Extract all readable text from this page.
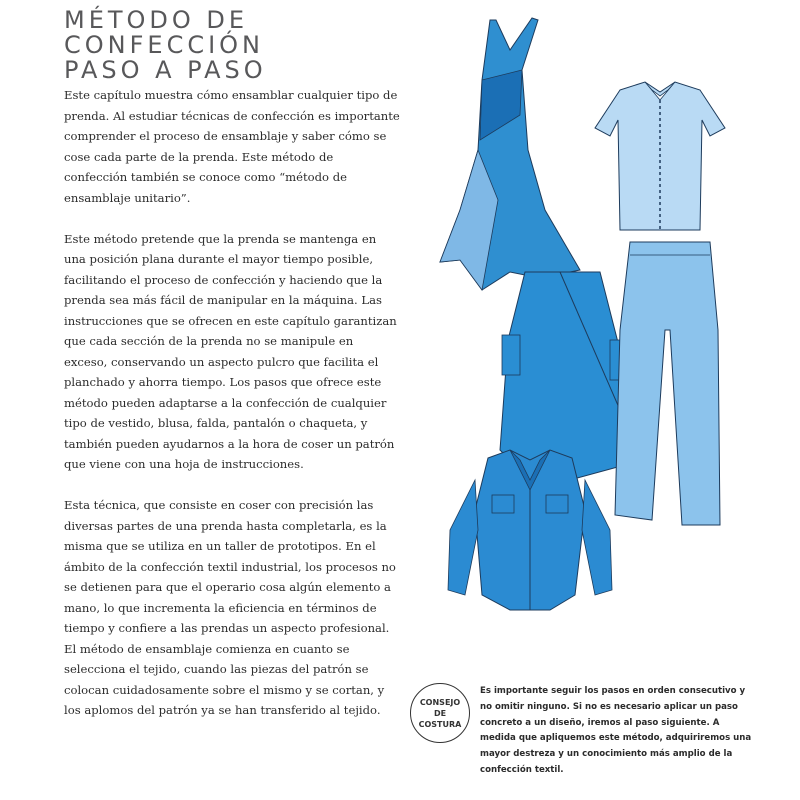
MÉTODO DE
CONFECCIÓN
PASO A PASO

Este capítulo muestra cómo ensamblar cualquier tipo de prenda. Al estudiar técnicas de confección es importante comprender el proceso de ensamblaje y saber cómo se cose cada parte de la prenda. Este método de confección también se conoce como “método de ensamblaje unitario”.

Este método pretende que la prenda se mantenga en una posición plana durante el mayor tiempo posible, facilitando el proceso de confección y haciendo que la prenda sea más fácil de manipular en la máquina. Las instrucciones que se ofrecen en este capítulo garantizan que cada sección de la prenda no se manipule en exceso, conservando un aspecto pulcro que facilita el planchado y ahorra tiempo. Los pasos que ofrece este método pueden adaptarse a la confección de cualquier tipo de vestido, blusa, falda, pantalón o chaqueta, y también pueden ayudarnos a la hora de coser un patrón que viene con una hoja de instrucciones.

Esta técnica, que consiste en coser con precisión las diversas partes de una prenda hasta completarla, es la misma que se utiliza en un taller de prototipos. En el ámbito de la confección textil industrial, los procesos no se detienen para que el operario cosa algún elemento a mano, lo que incrementa la eficiencia en términos de tiempo y confiere a las prendas un aspecto profesional. El método de ensamblaje comienza en cuanto se selecciona el tejido, cuando las piezas del patrón se colocan cuidadosamente sobre el mismo y se cortan, y los aplomos del patrón ya se han transferido al tejido.

CONSEJO
DE
COSTURA
Es importante seguir los pasos en orden consecutivo y no omitir ninguno. Si no es necesario aplicar un paso concreto a un diseño, iremos al paso siguiente. A medida que apliquemos este método, adquiriremos una mayor destreza y un conocimiento más amplio de la confección textil.
